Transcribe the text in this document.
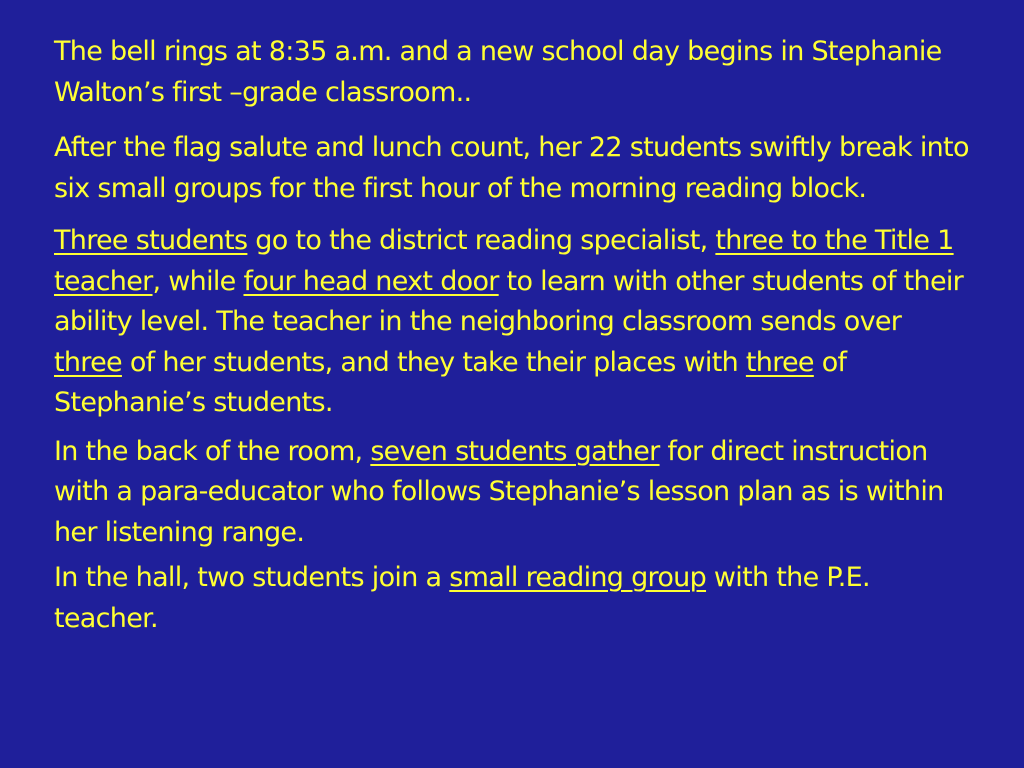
The bell rings at 8:35 a.m. and a new school day begins in Stephanie Walton’s first –grade classroom..

After the flag salute and lunch count, her 22 students swiftly break into six small groups for the first hour of the morning reading block.

Three students go to the district reading specialist, three to the Title 1 teacher, while four head next door to learn with other students of their ability level. The teacher in the neighboring classroom sends over three of her students, and they take their places with three of Stephanie’s students.

In the back of the room, seven students gather for direct instruction with a para-educator who follows Stephanie’s lesson plan as is within her listening range.

In the hall, two students join a small reading group with the P.E. teacher.
